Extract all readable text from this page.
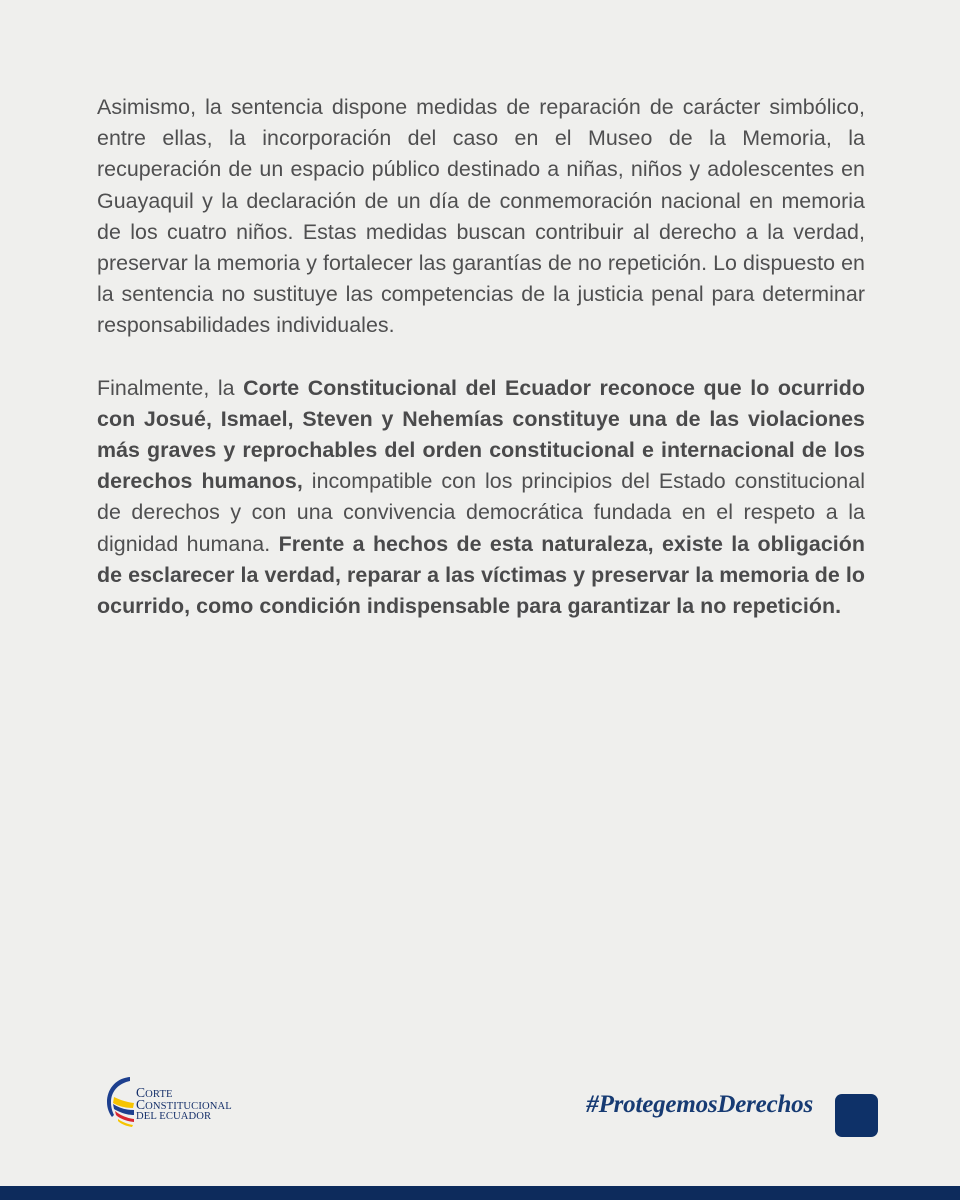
Asimismo, la sentencia dispone medidas de reparación de carácter simbólico, entre ellas, la incorporación del caso en el Museo de la Memoria, la recuperación de un espacio público destinado a niñas, niños y adolescentes en Guayaquil y la declaración de un día de conmemoración nacional en memoria de los cuatro niños. Estas medidas buscan contribuir al derecho a la verdad, preservar la memoria y fortalecer las garantías de no repetición. Lo dispuesto en la sentencia no sustituye las competencias de la justicia penal para determinar responsabilidades individuales.

Finalmente, la Corte Constitucional del Ecuador reconoce que lo ocurrido con Josué, Ismael, Steven y Nehemías constituye una de las violaciones más graves y reprochables del orden constitucional e internacional de los derechos humanos, incompatible con los principios del Estado constitucional de derechos y con una convivencia democrática fundada en el respeto a la dignidad humana. Frente a hechos de esta naturaleza, existe la obligación de esclarecer la verdad, reparar a las víctimas y preservar la memoria de lo ocurrido, como condición indispensable para garantizar la no repetición.

CORTE
CONSTITUCIONAL
DEL ECUADOR	#ProtegemosDerechos
